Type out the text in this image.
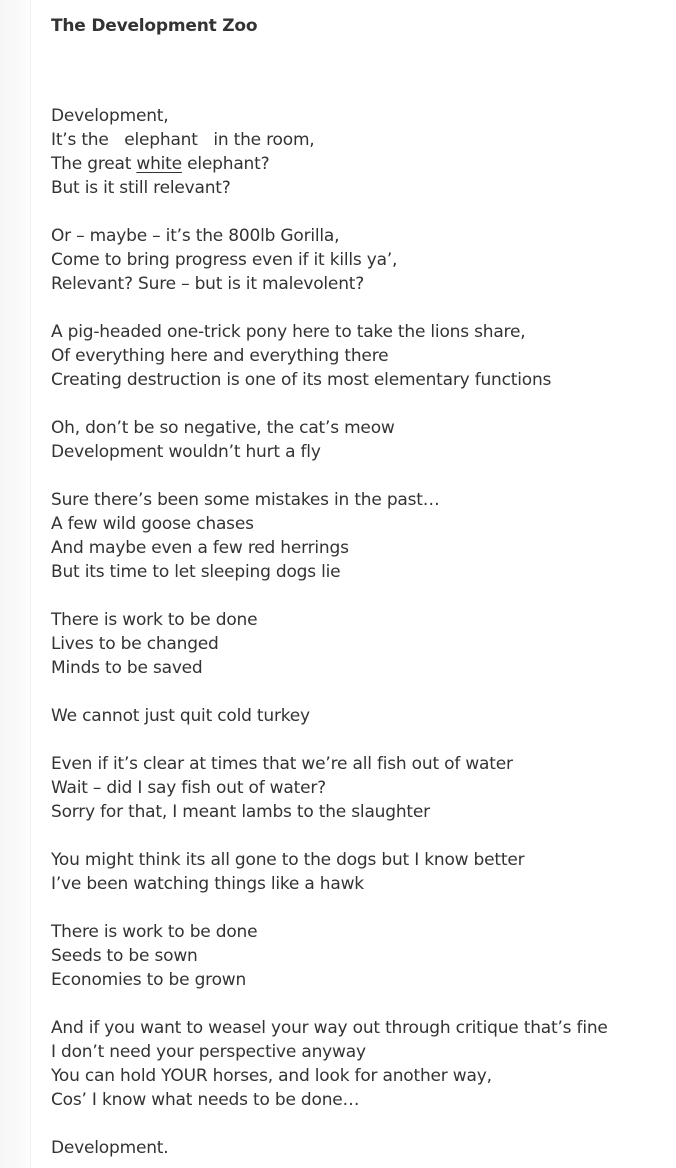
The Development Zoo

Development,
It’s the   elephant   in the room,
The great white elephant?
But is it still relevant?

Or – maybe – it’s the 800lb Gorilla,
Come to bring progress even if it kills ya’,
Relevant? Sure – but is it malevolent?

A pig-headed one-trick pony here to take the lions share,
Of everything here and everything there
Creating destruction is one of its most elementary functions

Oh, don’t be so negative, the cat’s meow
Development wouldn’t hurt a fly

Sure there’s been some mistakes in the past…
A few wild goose chases
And maybe even a few red herrings
But its time to let sleeping dogs lie

There is work to be done
Lives to be changed
Minds to be saved

We cannot just quit cold turkey

Even if it’s clear at times that we’re all fish out of water
Wait – did I say fish out of water?
Sorry for that, I meant lambs to the slaughter

You might think its all gone to the dogs but I know better
I’ve been watching things like a hawk

There is work to be done
Seeds to be sown
Economies to be grown

And if you want to weasel your way out through critique that’s fine
I don’t need your perspective anyway
You can hold YOUR horses, and look for another way,
Cos’ I know what needs to be done…

Development.
